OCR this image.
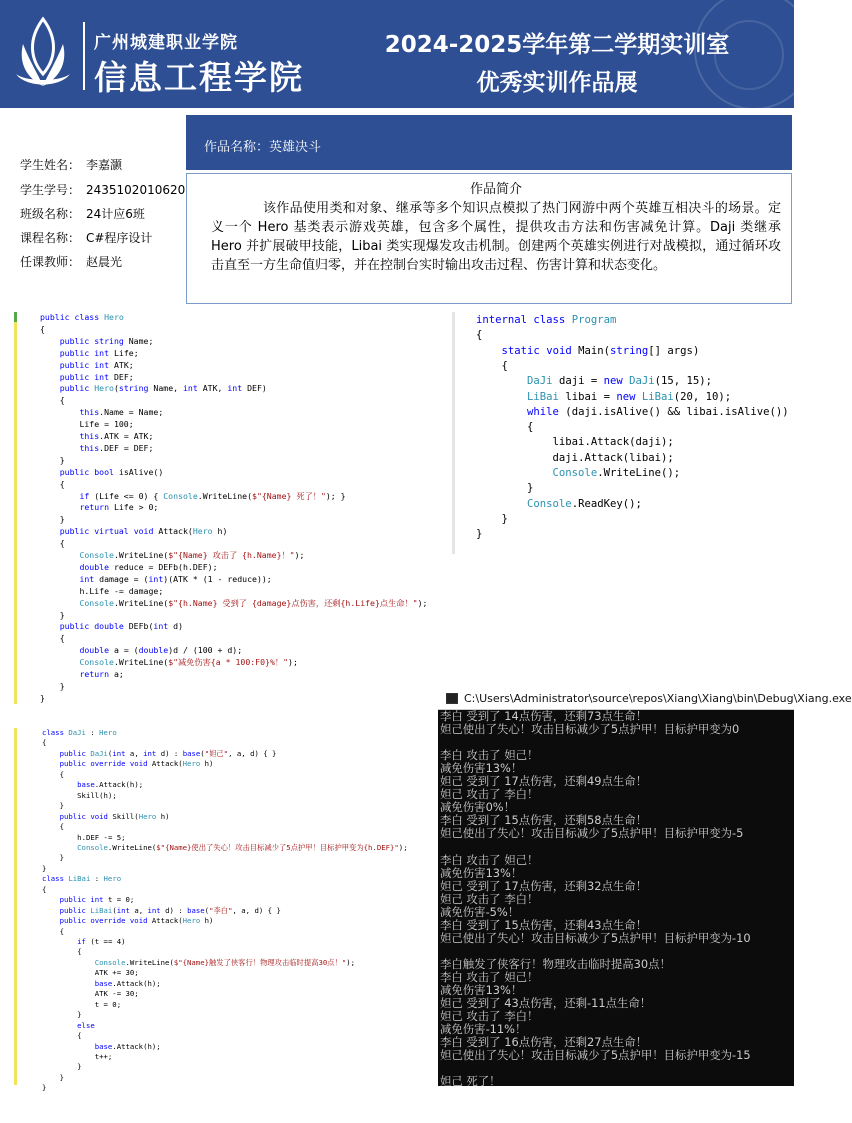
广州城建职业学院
信息工程学院
2024-2025学年第二学期实训室
优秀实训作品展
学生姓名： 李嘉灏
学生学号： 2435102010620
班级名称： 24计应6班
课程名称： C#程序设计
任课教师： 赵晨光
作品名称：英雄决斗
作品简介
该作品使用类和对象、继承等多个知识点模拟了热门网游中两个英雄互相决斗的场景。定义一个 Hero 基类表示游戏英雄，包含多个属性，提供攻击方法和伤害减免计算。Daji 类继承 Hero 并扩展破甲技能，Libai 类实现爆发攻击机制。创建两个英雄实例进行对战模拟，通过循环攻击直至一方生命值归零，并在控制台实时输出攻击过程、伤害计算和状态变化。
public class Hero
{
public string Name;
public int Life;
public int ATK;
public int DEF;
public Hero(string Name, int ATK, int DEF)
{
this.Name = Name;
Life = 100;
this.ATK = ATK;
this.DEF = DEF;
}
public bool isAlive()
{
if (Life <= 0) { Console.WriteLine($"{Name} 死了！"); }
return Life > 0;
}
public virtual void Attack(Hero h)
{
Console.WriteLine($"{Name} 攻击了 {h.Name}！");
double reduce = DEFb(h.DEF);
int damage = (int)(ATK * (1 - reduce));
h.Life -= damage;
Console.WriteLine($"{h.Name} 受到了 {damage}点伤害，还剩{h.Life}点生命！");
}
public double DEFb(int d)
{
double a = (double)d / (100 + d);
Console.WriteLine($"减免伤害{a * 100:F0}%！");
return a;
}
}
internal class Program
{
static void Main(string[] args)
{
DaJi daji = new DaJi(15, 15);
LiBai libai = new LiBai(20, 10);
while (daji.isAlive() && libai.isAlive())
{
libai.Attack(daji);
daji.Attack(libai);
Console.WriteLine();
}
Console.ReadKey();
}
}
class DaJi : Hero
{
public DaJi(int a, int d) : base("妲己", a, d) { }
public override void Attack(Hero h)
{
base.Attack(h);
Skill(h);
}
public void Skill(Hero h)
{
h.DEF -= 5;
Console.WriteLine($"{Name}使出了失心！攻击目标减少了5点护甲！目标护甲变为{h.DEF}");
}
}
class LiBai : Hero
{
public int t = 0;
public LiBai(int a, int d) : base("李白", a, d) { }
public override void Attack(Hero h)
{
if (t == 4)
{
Console.WriteLine($"{Name}触发了侠客行！物理攻击临时提高30点！");
ATK += 30;
base.Attack(h);
ATK -= 30;
t = 0;
}
else
{
base.Attack(h);
t++;
}
}
}
C:\Users\Administrator\source\repos\Xiang\Xiang\bin\Debug\Xiang.exe
李白 受到了 14点伤害，还剩73点生命！
妲己使出了失心！攻击目标减少了5点护甲！目标护甲变为0
李白 攻击了 妲己！
减免伤害13%！
妲己 受到了 17点伤害，还剩49点生命！
妲己 攻击了 李白！
减免伤害0%！
李白 受到了 15点伤害，还剩58点生命！
妲己使出了失心！攻击目标减少了5点护甲！目标护甲变为-5
李白 攻击了 妲己！
减免伤害13%！
妲己 受到了 17点伤害，还剩32点生命！
妲己 攻击了 李白！
减免伤害-5%！
李白 受到了 15点伤害，还剩43点生命！
妲己使出了失心！攻击目标减少了5点护甲！目标护甲变为-10
李白触发了侠客行！物理攻击临时提高30点！
李白 攻击了 妲己！
减免伤害13%！
妲己 受到了 43点伤害，还剩-11点生命！
妲己 攻击了 李白！
减免伤害-11%！
李白 受到了 16点伤害，还剩27点生命！
妲己使出了失心！攻击目标减少了5点护甲！目标护甲变为-15
妲己 死了！
